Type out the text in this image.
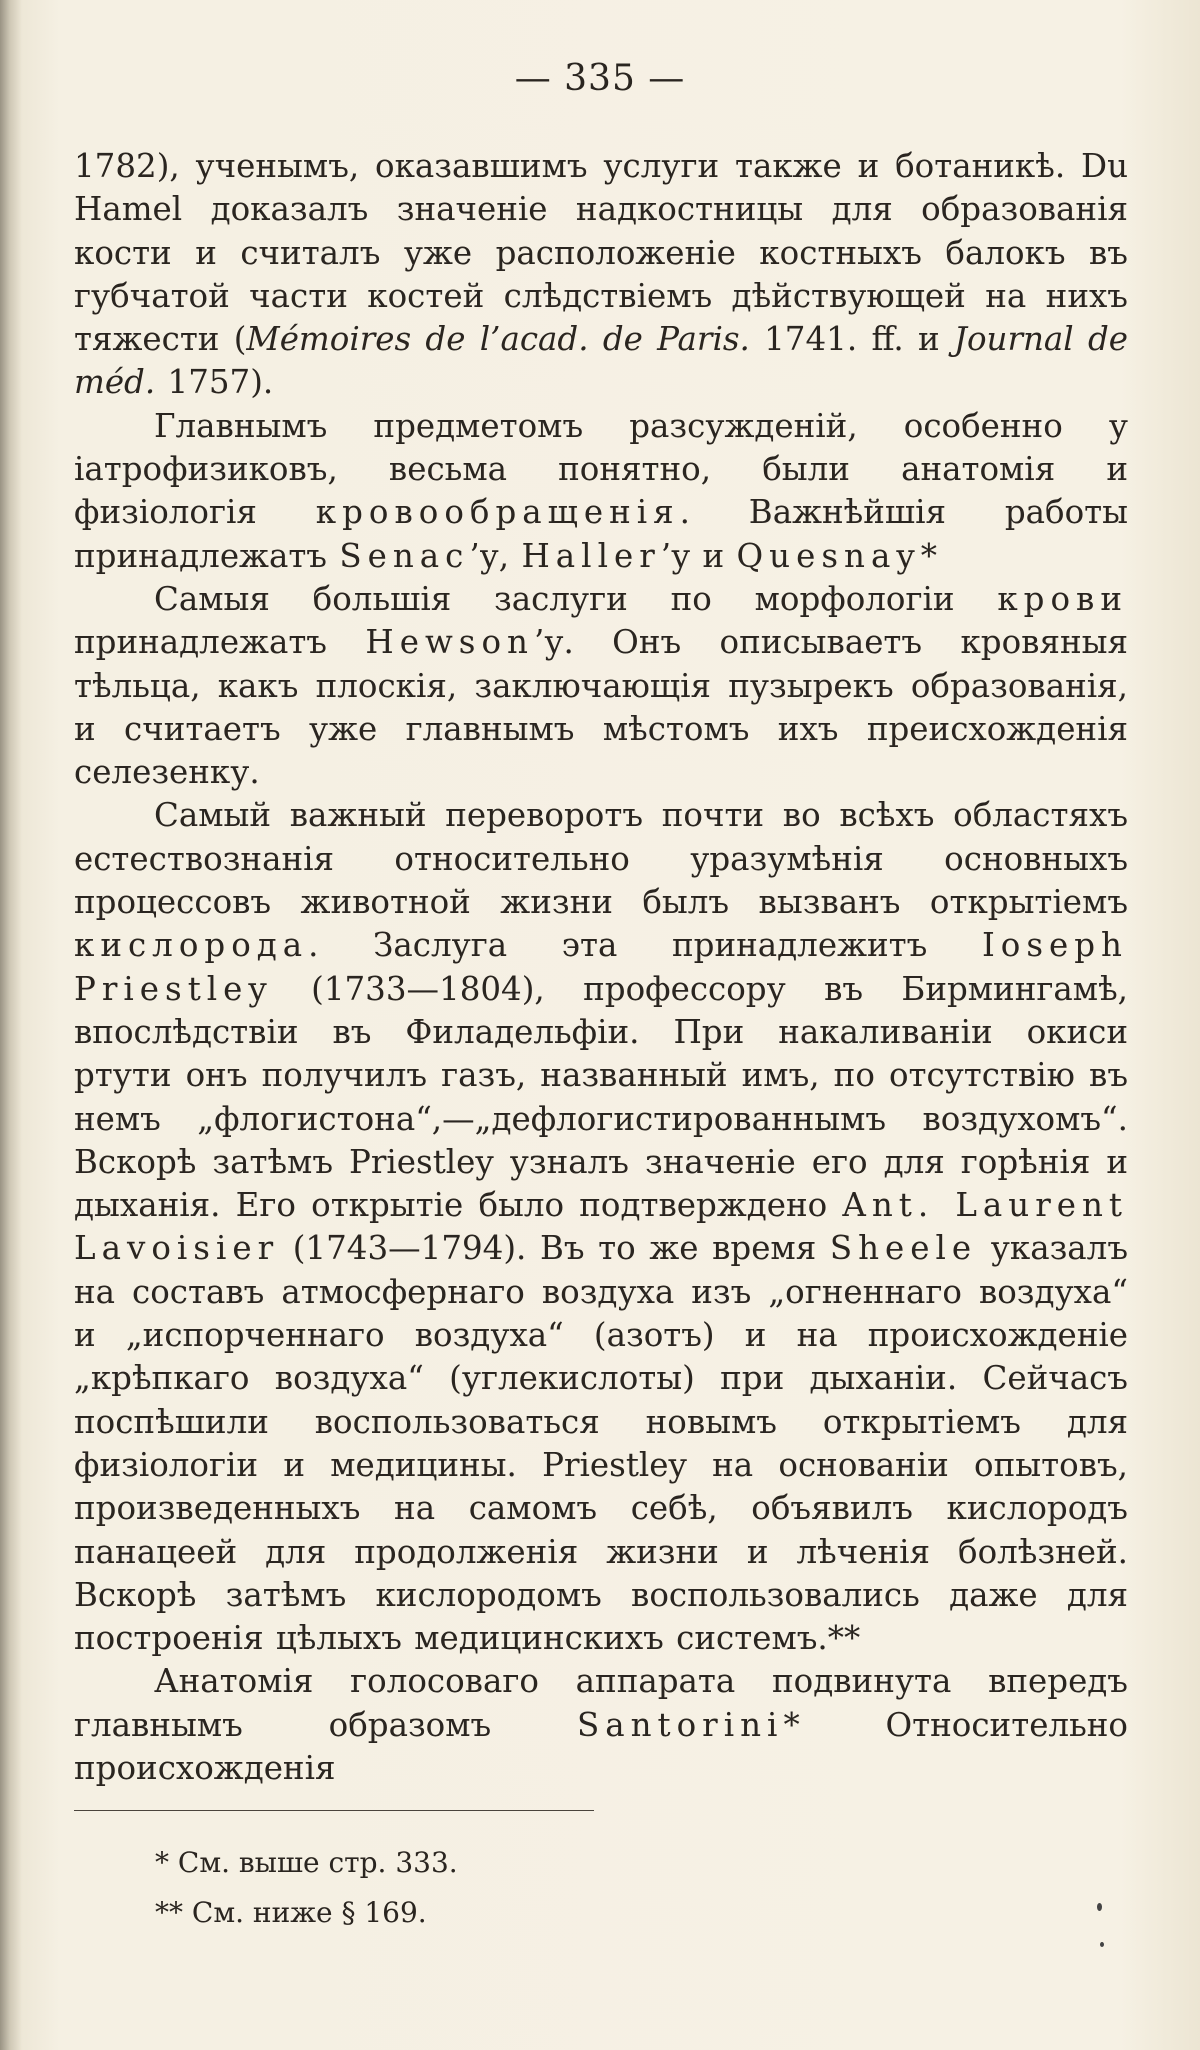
— 335 —

1782), ученымъ, оказавшимъ услуги также и ботаникѣ. Du Hamel доказалъ значеніе надкостницы для образованія кости и считалъ уже расположеніе костныхъ балокъ въ губчатой части костей слѣдствіемъ дѣйствующей на нихъ тяжести (Mémoires de l’acad. de Paris. 1741. ff. и Journal de méd. 1757).

Главнымъ предметомъ разсужденій, особенно у іатрофизиковъ, весьма понятно, были анатомія и физіологія кровообращенія. Важнѣйшія работы принадлежатъ Senac’у, Haller’у и Quesnay*

Самыя большія заслуги по морфологіи крови принадлежатъ Hewson’у. Онъ описываетъ кровяныя тѣльца, какъ плоскія, заключающія пузырекъ образованія, и считаетъ уже главнымъ мѣстомъ ихъ преисхожденія селезенку.

Самый важный переворотъ почти во всѣхъ областяхъ естествознанія относительно уразумѣнія основныхъ процессовъ животной жизни былъ вызванъ открытіемъ кислорода. Заслуга эта принадлежитъ Ioseph Priestley (1733—1804), профессору въ Бирмингамѣ, впослѣдствіи въ Филадельфіи. При накаливаніи окиси ртути онъ получилъ газъ, названный имъ, по отсутствію въ немъ „флогистона“,—„дефлогистированнымъ воздухомъ“. Вскорѣ затѣмъ Priestley узналъ значеніе его для горѣнія и дыханія. Его открытіе было подтверждено Ant. Laurent Lavoisier (1743—1794). Въ то же время Sheele указалъ на составъ атмосфернаго воздуха изъ „огненнаго воздуха“ и „испорченнаго воздуха“ (азотъ) и на происхожденіе „крѣпкаго воздуха“ (углекислоты) при дыханіи. Сейчасъ поспѣшили воспользоваться новымъ открытіемъ для физіологіи и медицины. Priestley на основаніи опытовъ, произведенныхъ на самомъ себѣ, объявилъ кислородъ панацеей для продолженія жизни и лѣченія болѣзней. Вскорѣ затѣмъ кислородомъ воспользовались даже для построенія цѣлыхъ медицинскихъ системъ.**

Анатомія голосоваго аппарата подвинута впередъ главнымъ образомъ Santorini* Относительно происхожденія

* См. выше стр. 333.
** См. ниже § 169.
